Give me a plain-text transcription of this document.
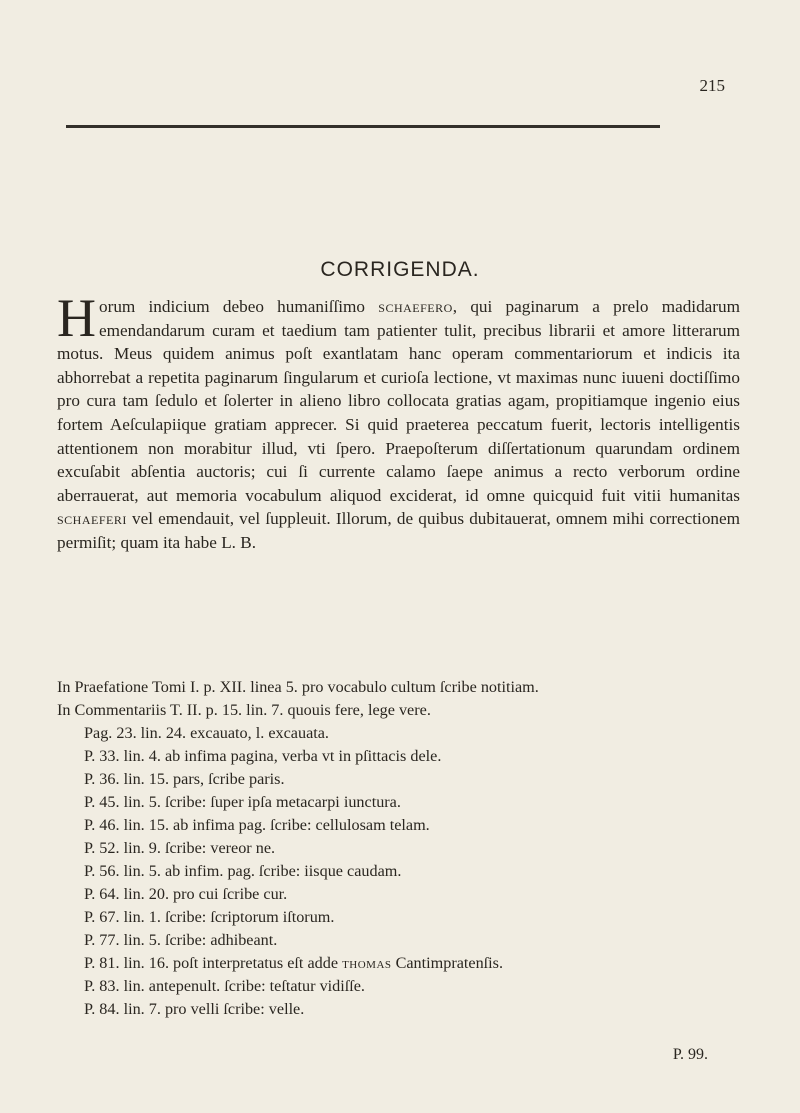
215
CORRIGENDA.
Horum indicium debeo humaniſſimo schaefero, qui paginarum a prelo madidarum emendandarum curam et taedium tam patienter tulit, precibus librarii et amore litterarum motus. Meus quidem animus poſt exantlatam hanc operam commentariorum et indicis ita abhorrebat a repetita paginarum ſingularum et curioſa lectione, vt maximas nunc iuueni doctiſſimo pro cura tam ſedulo et ſolerter in alieno libro collocata gratias agam, propitiamque ingenio eius fortem Aeſculapiique gratiam apprecer. Si quid praeterea peccatum fuerit, lectoris intelligentis attentionem non morabitur illud, vti ſpero. Praepoſterum diſſertationum quarundam ordinem excuſabit abſentia auctoris; cui ſi currente calamo ſaepe animus a recto verborum ordine aberrauerat, aut memoria vocabulum aliquod exciderat, id omne quicquid fuit vitii humanitas schaeferi vel emendauit, vel ſuppleuit. Illorum, de quibus dubitauerat, omnem mihi correctionem permiſit; quam ita habe L. B.
In Praefatione Tomi I. p. XII. linea 5. pro vocabulo cultum ſcribe notitiam.
In Commentariis T. II. p. 15. lin. 7. quouis fere, lege vere.
Pag. 23. lin. 24. excauato, l. excauata.
P. 33. lin. 4. ab infima pagina, verba vt in pſittacis dele.
P. 36. lin. 15. pars, ſcribe paris.
P. 45. lin. 5. ſcribe: ſuper ipſa metacarpi iunctura.
P. 46. lin. 15. ab infima pag. ſcribe: cellulosam telam.
P. 52. lin. 9. ſcribe: vereor ne.
P. 56. lin. 5. ab infim. pag. ſcribe: iisque caudam.
P. 64. lin. 20. pro cui ſcribe cur.
P. 67. lin. 1. ſcribe: ſcriptorum iſtorum.
P. 77. lin. 5. ſcribe: adhibeant.
P. 81. lin. 16. poſt interpretatus eſt adde thomas Cantimpratenſis.
P. 83. lin. antepenult. ſcribe: teſtatur vidiſſe.
P. 84. lin. 7. pro velli ſcribe: velle.
P. 99.
